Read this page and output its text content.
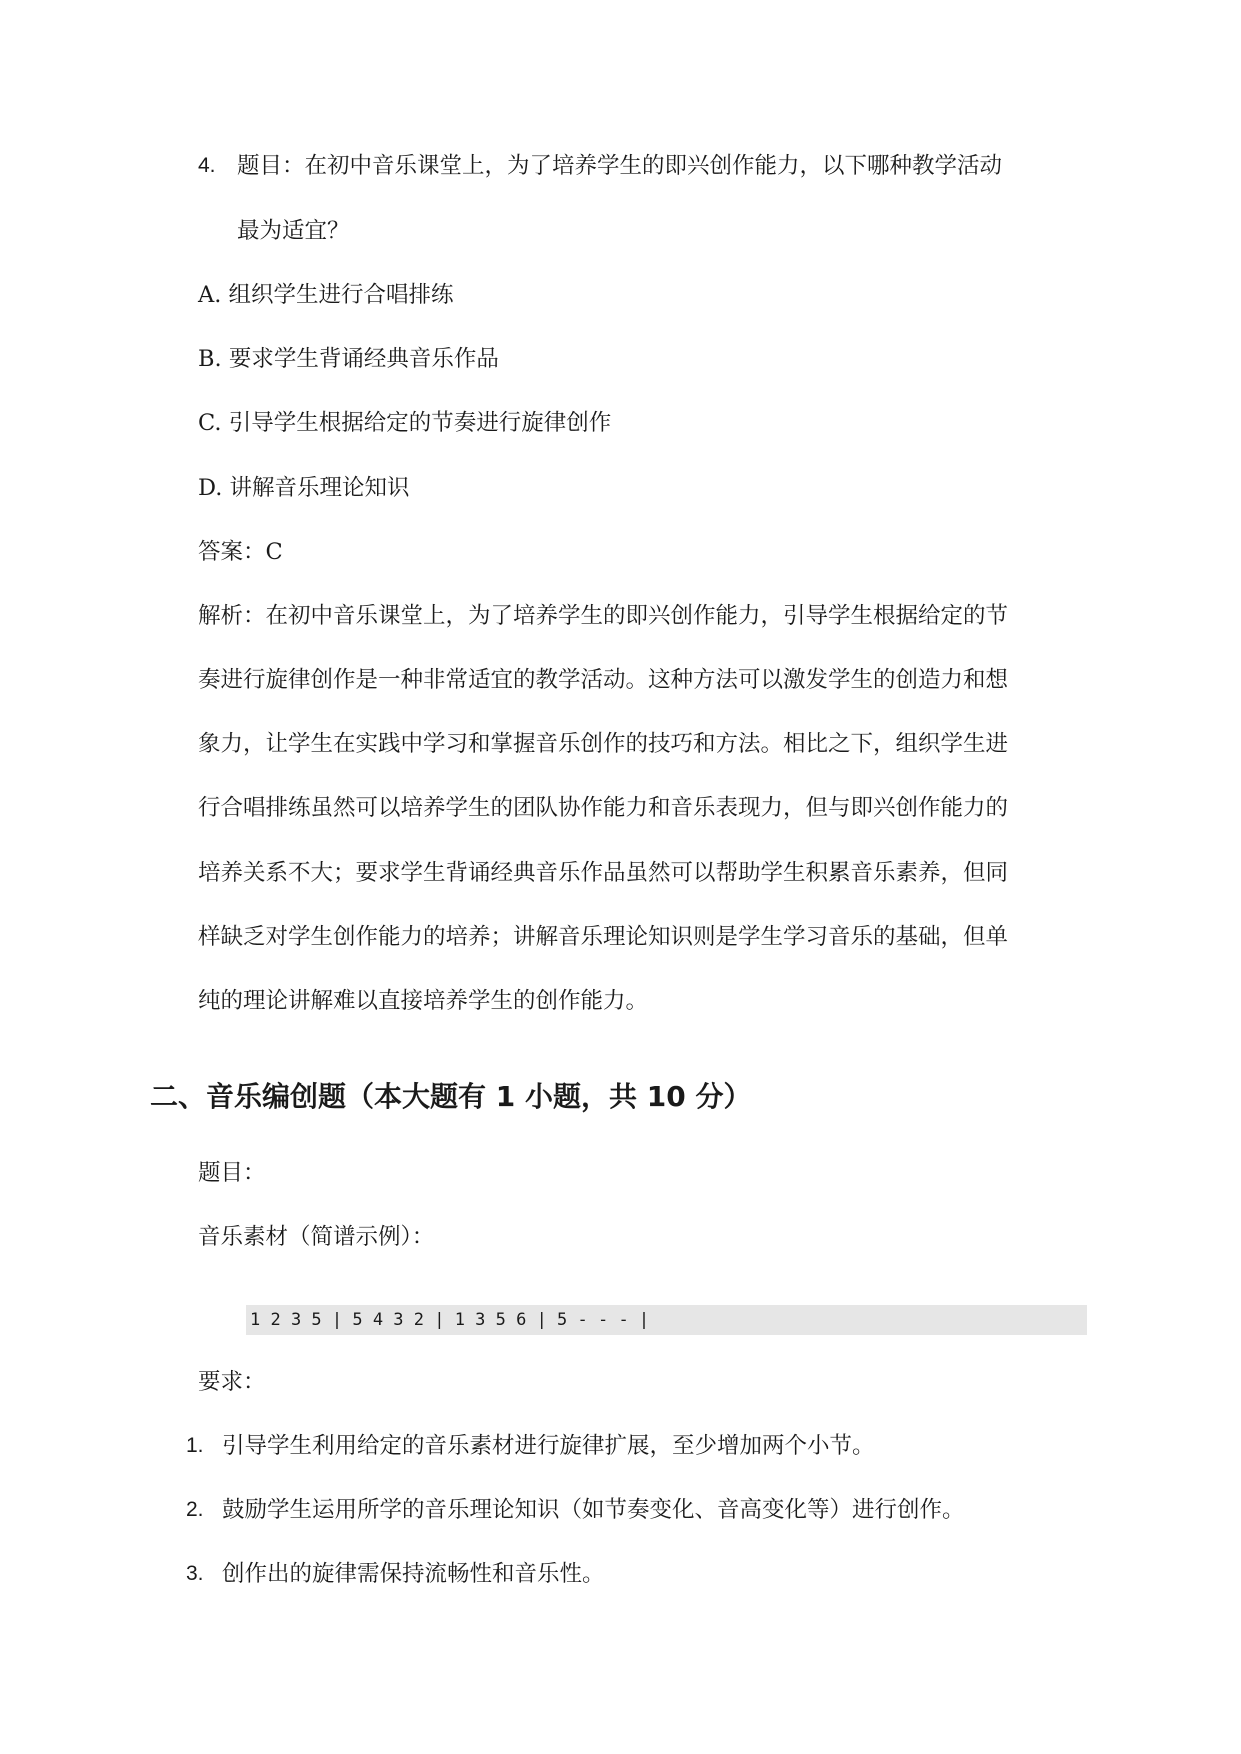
4. 题目：在初中音乐课堂上，为了培养学生的即兴创作能力，以下哪种教学活动
最为适宜？
A. 组织学生进行合唱排练
B. 要求学生背诵经典音乐作品
C. 引导学生根据给定的节奏进行旋律创作
D. 讲解音乐理论知识
答案：C
解析：在初中音乐课堂上，为了培养学生的即兴创作能力，引导学生根据给定的节
奏进行旋律创作是一种非常适宜的教学活动。这种方法可以激发学生的创造力和想
象力，让学生在实践中学习和掌握音乐创作的技巧和方法。相比之下，组织学生进
行合唱排练虽然可以培养学生的团队协作能力和音乐表现力，但与即兴创作能力的
培养关系不大；要求学生背诵经典音乐作品虽然可以帮助学生积累音乐素养，但同
样缺乏对学生创作能力的培养；讲解音乐理论知识则是学生学习音乐的基础，但单
纯的理论讲解难以直接培养学生的创作能力。
二、音乐编创题（本大题有 1 小题，共 10 分）
题目：
音乐素材（简谱示例）：
1 2 3 5 | 5 4 3 2 | 1 3 5 6 | 5 - - - |
要求：
1. 引导学生利用给定的音乐素材进行旋律扩展，至少增加两个小节。
2. 鼓励学生运用所学的音乐理论知识（如节奏变化、音高变化等）进行创作。
3. 创作出的旋律需保持流畅性和音乐性。
